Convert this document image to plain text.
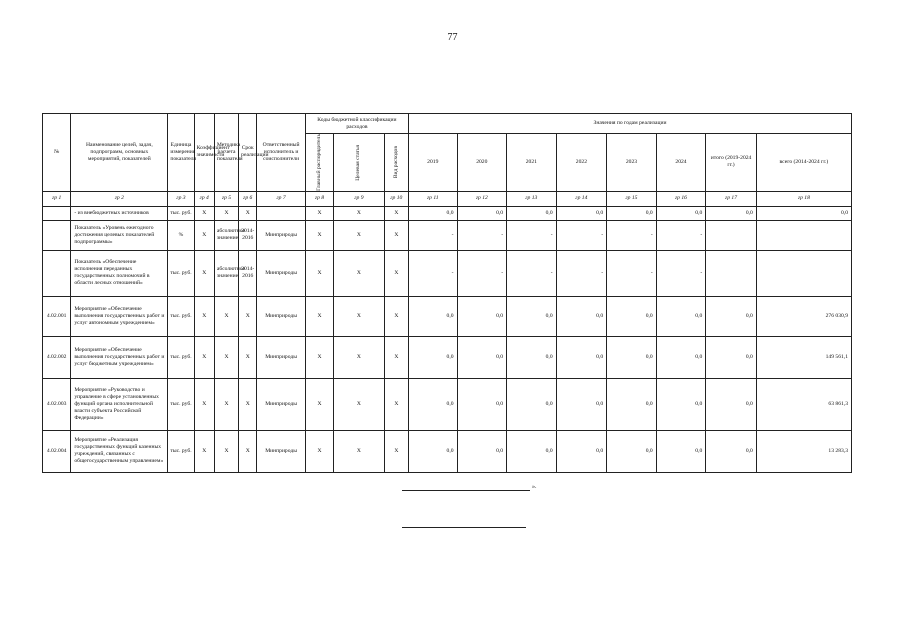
77
№	Наименование целей, задач, подпрограмм, основных мероприятий, показателей	Единица измерения показателя	Коэффициент значимости	Методика расчета показателя	Срок реализации	Ответственный исполнитель и соисполнители	Коды бюджетной классификации расходов			Значения по годам реализации							

							Главный распорядитель	Целевая статья	Вид расходов	2019	2020	2021	2022	2023	2024	итого (2019-2024 гг.)	всего (2014-2024 гг.)
гр 1	гр 2	гр 3	гр 4	гр 5	гр 6	гр 7	гр 8	гр 9	гр 10	гр 11	гр 12	гр 13	гр 14	гр 15	гр 16	гр 17	гр 18
	- из внебюджетных источников	тыс. руб.	Х	Х	Х		Х	Х	Х	0,0	0,0	0,0	0,0	0,0	0,0	0,0	0,0
	Показатель «Уровень ежегодного достижения целевых показателей подпрограммы»	%	Х	абсолютное значение	2014-2016	Минприроды	Х	Х	Х	-	-	-	-	-	-		
	Показатель «Обеспечение исполнения переданных государственных полномочий в области лесных отношений»	тыс. руб.	Х	абсолютное значение	2014-2016	Минприроды	Х	Х	Х	-	-	-	-	-	-		
4.02.001	Мероприятие «Обеспечение выполнения государственных работ и услуг автономным учреждением»	тыс. руб.	Х	Х	Х	Минприроды	Х	Х	Х	0,0	0,0	0,0	0,0	0,0	0,0	0,0	276 030,9
4.02.002	Мероприятие «Обеспечение выполнения государственных работ и услуг бюджетным учреждением»	тыс. руб.	Х	Х	Х	Минприроды	Х	Х	Х	0,0	0,0	0,0	0,0	0,0	0,0	0,0	149 561,1
4.02.003	Мероприятие «Руководство и управление в сфере установленных функций органа исполнительной власти субъекта Российской Федерации»	тыс. руб.	Х	Х	Х	Минприроды	Х	Х	Х	0,0	0,0	0,0	0,0	0,0	0,0	0,0	63 861,3
4.02.004	Мероприятие «Реализация государственных функций казенных учреждений, связанных с общегосударственным управлением»	тыс. руб.	Х	Х	Х	Минприроды	Х	Х	Х	0,0	0,0	0,0	0,0	0,0	0,0	0,0	13 283,3
».
